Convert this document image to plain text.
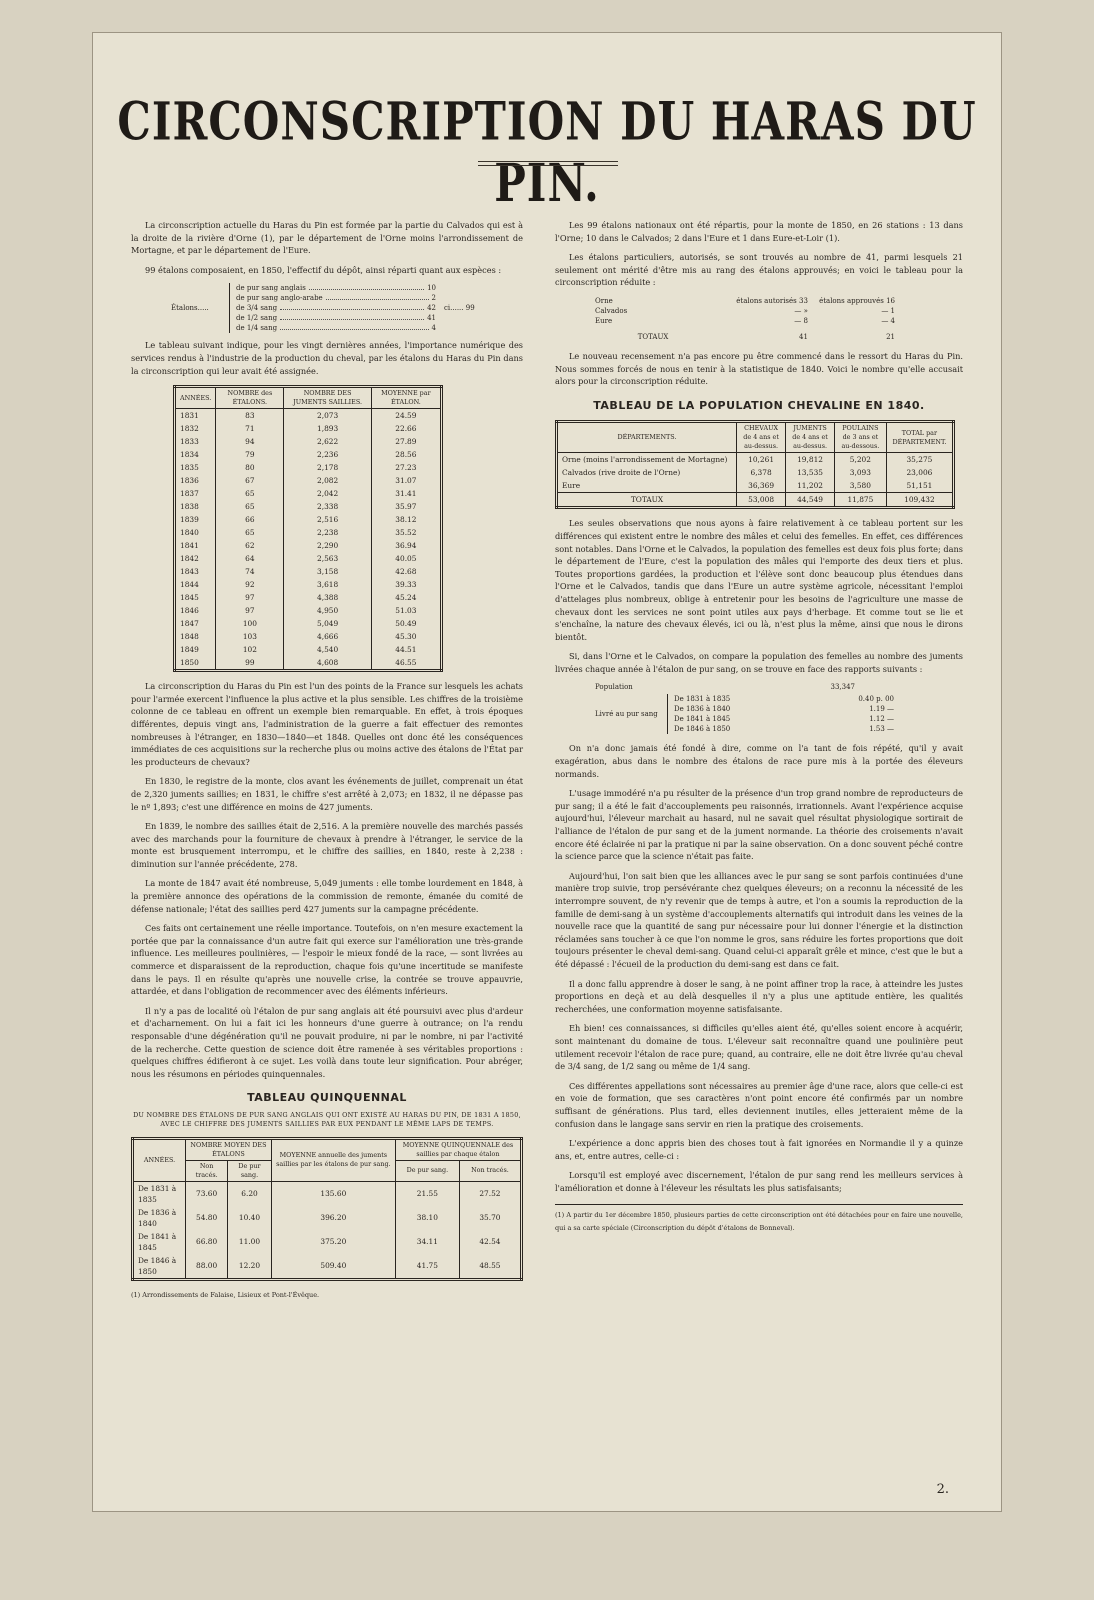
CIRCONSCRIPTION DU HARAS DU PIN.

La circonscription actuelle du Haras du Pin est formée par la partie du Calvados qui est à la droite de la rivière d'Orne (1), par le département de l'Orne moins l'arrondissement de Mortagne, et par le département de l'Eure.

99 étalons composaient, en 1850, l'effectif du dépôt, ainsi réparti quant aux espèces :

Étalons.....
de pur sang anglais	10
de pur sang anglo-arabe	2
de 3/4 sang	42
de 1/2 sang	41
de 1/4 sang	4
ci...... 99

Le tableau suivant indique, pour les vingt dernières années, l'importance numérique des services rendus à l'industrie de la production du cheval, par les étalons du Haras du Pin dans la circonscription qui leur avait été assignée.

ANNÉES.	NOMBRE des ÉTALONS.	NOMBRE DES JUMENTS SAILLIES.	MOYENNE par ÉTALON.
1831	83	2,073	24.59
1832	71	1,893	22.66
1833	94	2,622	27.89
1834	79	2,236	28.56
1835	80	2,178	27.23
1836	67	2,082	31.07
1837	65	2,042	31.41
1838	65	2,338	35.97
1839	66	2,516	38.12
1840	65	2,238	35.52
1841	62	2,290	36.94
1842	64	2,563	40.05
1843	74	3,158	42.68
1844	92	3,618	39.33
1845	97	4,388	45.24
1846	97	4,950	51.03
1847	100	5,049	50.49
1848	103	4,666	45.30
1849	102	4,540	44.51
1850	99	4,608	46.55

La circonscription du Haras du Pin est l'un des points de la France sur lesquels les achats pour l'armée exercent l'influence la plus active et la plus sensible. Les chiffres de la troisième colonne de ce tableau en offrent un exemple bien remarquable. En effet, à trois époques différentes, depuis vingt ans, l'administration de la guerre a fait effectuer des remontes nombreuses à l'étranger, en 1830—1840—et 1848. Quelles ont donc été les conséquences immédiates de ces acquisitions sur la recherche plus ou moins active des étalons de l'État par les producteurs de chevaux?

En 1830, le registre de la monte, clos avant les événements de juillet, comprenait un état de 2,320 juments saillies; en 1831, le chiffre s'est arrêté à 2,073; en 1832, il ne dépasse pas le nº 1,893; c'est une différence en moins de 427 juments.

En 1839, le nombre des saillies était de 2,516. A la première nouvelle des marchés passés avec des marchands pour la fourniture de chevaux à prendre à l'étranger, le service de la monte est brusquement interrompu, et le chiffre des saillies, en 1840, reste à 2,238 : diminution sur l'année précédente, 278.

La monte de 1847 avait été nombreuse, 5,049 juments : elle tombe lourdement en 1848, à la première annonce des opérations de la commission de remonte, émanée du comité de défense nationale; l'état des saillies perd 427 juments sur la campagne précédente.

Ces faits ont certainement une réelle importance. Toutefois, on n'en mesure exactement la portée que par la connaissance d'un autre fait qui exerce sur l'amélioration une très-grande influence. Les meilleures poulinières, — l'espoir le mieux fondé de la race, — sont livrées au commerce et disparaissent de la reproduction, chaque fois qu'une incertitude se manifeste dans le pays. Il en résulte qu'après une nouvelle crise, la contrée se trouve appauvrie, attardée, et dans l'obligation de recommencer avec des éléments inférieurs.

Il n'y a pas de localité où l'étalon de pur sang anglais ait été poursuivi avec plus d'ardeur et d'acharnement. On lui a fait ici les honneurs d'une guerre à outrance; on l'a rendu responsable d'une dégénération qu'il ne pouvait produire, ni par le nombre, ni par l'activité de la recherche. Cette question de science doit être ramenée à ses véritables proportions : quelques chiffres édifieront à ce sujet. Les voilà dans toute leur signification. Pour abréger, nous les résumons en périodes quinquennales.

TABLEAU QUINQUENNAL
DU NOMBRE DES ÉTALONS DE PUR SANG ANGLAIS QUI ONT EXISTÉ AU HARAS DU PIN, DE 1831 A 1850, AVEC LE CHIFFRE DES JUMENTS SAILLIES PAR EUX PENDANT LE MÊME LAPS DE TEMPS.
ANNÉES.	NOMBRE MOYEN DES ÉTALONS		MOYENNE annuelle des juments saillies par les étalons de pur sang.	MOYENNE QUINQUENNALE des saillies par chaque étalon	
	Non tracés.	De pur sang.		De pur sang.	Non tracés.
De 1831 à 1835	73.60	6.20	135.60	21.55	27.52
De 1836 à 1840	54.80	10.40	396.20	38.10	35.70
De 1841 à 1845	66.80	11.00	375.20	34.11	42.54
De 1846 à 1850	88.00	12.20	509.40	41.75	48.55
(1) Arrondissements de Falaise, Lisieux et Pont-l'Évêque.

Les 99 étalons nationaux ont été répartis, pour la monte de 1850, en 26 stations : 13 dans l'Orne; 10 dans le Calvados; 2 dans l'Eure et 1 dans Eure-et-Loir (1).

Les étalons particuliers, autorisés, se sont trouvés au nombre de 41, parmi lesquels 21 seulement ont mérité d'être mis au rang des étalons approuvés; en voici le tableau pour la circonscription réduite :

Orne	étalons autorisés 33	étalons approuvés 16
Calvados	— »	— 1
Eure	— 8	— 4
TOTAUX	41	21

Le nouveau recensement n'a pas encore pu être commencé dans le ressort du Haras du Pin. Nous sommes forcés de nous en tenir à la statistique de 1840. Voici le nombre qu'elle accusait alors pour la circonscription réduite.

TABLEAU DE LA POPULATION CHEVALINE EN 1840.
DÉPARTEMENTS.	CHEVAUX de 4 ans et au-dessus.	JUMENTS de 4 ans et au-dessus.	POULAINS de 3 ans et au-dessous.	TOTAL par DÉPARTEMENT.
Orne (moins l'arrondissement de Mortagne)	10,261	19,812	5,202	35,275
Calvados (rive droite de l'Orne)	6,378	13,535	3,093	23,006
Eure	36,369	11,202	3,580	51,151
TOTAUX	53,008	44,549	11,875	109,432

Les seules observations que nous ayons à faire relativement à ce tableau portent sur les différences qui existent entre le nombre des mâles et celui des femelles. En effet, ces différences sont notables. Dans l'Orne et le Calvados, la population des femelles est deux fois plus forte; dans le département de l'Eure, c'est la population des mâles qui l'emporte des deux tiers et plus. Toutes proportions gardées, la production et l'élève sont donc beaucoup plus étendues dans l'Orne et le Calvados, tandis que dans l'Eure un autre système agricole, nécessitant l'emploi d'attelages plus nombreux, oblige à entretenir pour les besoins de l'agriculture une masse de chevaux dont les services ne sont point utiles aux pays d'herbage. Et comme tout se lie et s'enchaîne, la nature des chevaux élevés, ici ou là, n'est plus la même, ainsi que nous le dirons bientôt.

Si, dans l'Orne et le Calvados, on compare la population des femelles au nombre des juments livrées chaque année à l'étalon de pur sang, on se trouve en face des rapports suivants :

Population	33,347
Livré au pur sang
De 1831 à 1835	0.40 p. 00
De 1836 à 1840	1.19 —
De 1841 à 1845	1.12 —
De 1846 à 1850	1.53 —

On n'a donc jamais été fondé à dire, comme on l'a tant de fois répété, qu'il y avait exagération, abus dans le nombre des étalons de race pure mis à la portée des éleveurs normands.

L'usage immodéré n'a pu résulter de la présence d'un trop grand nombre de reproducteurs de pur sang; il a été le fait d'accouplements peu raisonnés, irrationnels. Avant l'expérience acquise aujourd'hui, l'éleveur marchait au hasard, nul ne savait quel résultat physiologique sortirait de l'alliance de l'étalon de pur sang et de la jument normande. La théorie des croisements n'avait encore été éclairée ni par la pratique ni par la saine observation. On a donc souvent péché contre la science parce que la science n'était pas faite.

Aujourd'hui, l'on sait bien que les alliances avec le pur sang se sont parfois continuées d'une manière trop suivie, trop persévérante chez quelques éleveurs; on a reconnu la nécessité de les interrompre souvent, de n'y revenir que de temps à autre, et l'on a soumis la reproduction de la famille de demi-sang à un système d'accouplements alternatifs qui introduit dans les veines de la nouvelle race que la quantité de sang pur nécessaire pour lui donner l'énergie et la distinction réclamées sans toucher à ce que l'on nomme le gros, sans réduire les fortes proportions que doit toujours présenter le cheval demi-sang. Quand celui-ci apparaît grêle et mince, c'est que le but a été dépassé : l'écueil de la production du demi-sang est dans ce fait.

Il a donc fallu apprendre à doser le sang, à ne point affiner trop la race, à atteindre les justes proportions en deçà et au delà desquelles il n'y a plus une aptitude entière, les qualités recherchées, une conformation moyenne satisfaisante.

Eh bien! ces connaissances, si difficiles qu'elles aient été, qu'elles soient encore à acquérir, sont maintenant du domaine de tous. L'éleveur sait reconnaître quand une poulinière peut utilement recevoir l'étalon de race pure; quand, au contraire, elle ne doit être livrée qu'au cheval de 3/4 sang, de 1/2 sang ou même de 1/4 sang.

Ces différentes appellations sont nécessaires au premier âge d'une race, alors que celle-ci est en voie de formation, que ses caractères n'ont point encore été confirmés par un nombre suffisant de générations. Plus tard, elles deviennent inutiles, elles jetteraient même de la confusion dans le langage sans servir en rien la pratique des croisements.

L'expérience a donc appris bien des choses tout à fait ignorées en Normandie il y a quinze ans, et, entre autres, celle-ci :

Lorsqu'il est employé avec discernement, l'étalon de pur sang rend les meilleurs services à l'amélioration et donne à l'éleveur les résultats les plus satisfaisants;

(1) A partir du 1er décembre 1850, plusieurs parties de cette circonscription ont été détachées pour en faire une nouvelle, qui a sa carte spéciale (Circonscription du dépôt d'étalons de Bonneval).
2.
